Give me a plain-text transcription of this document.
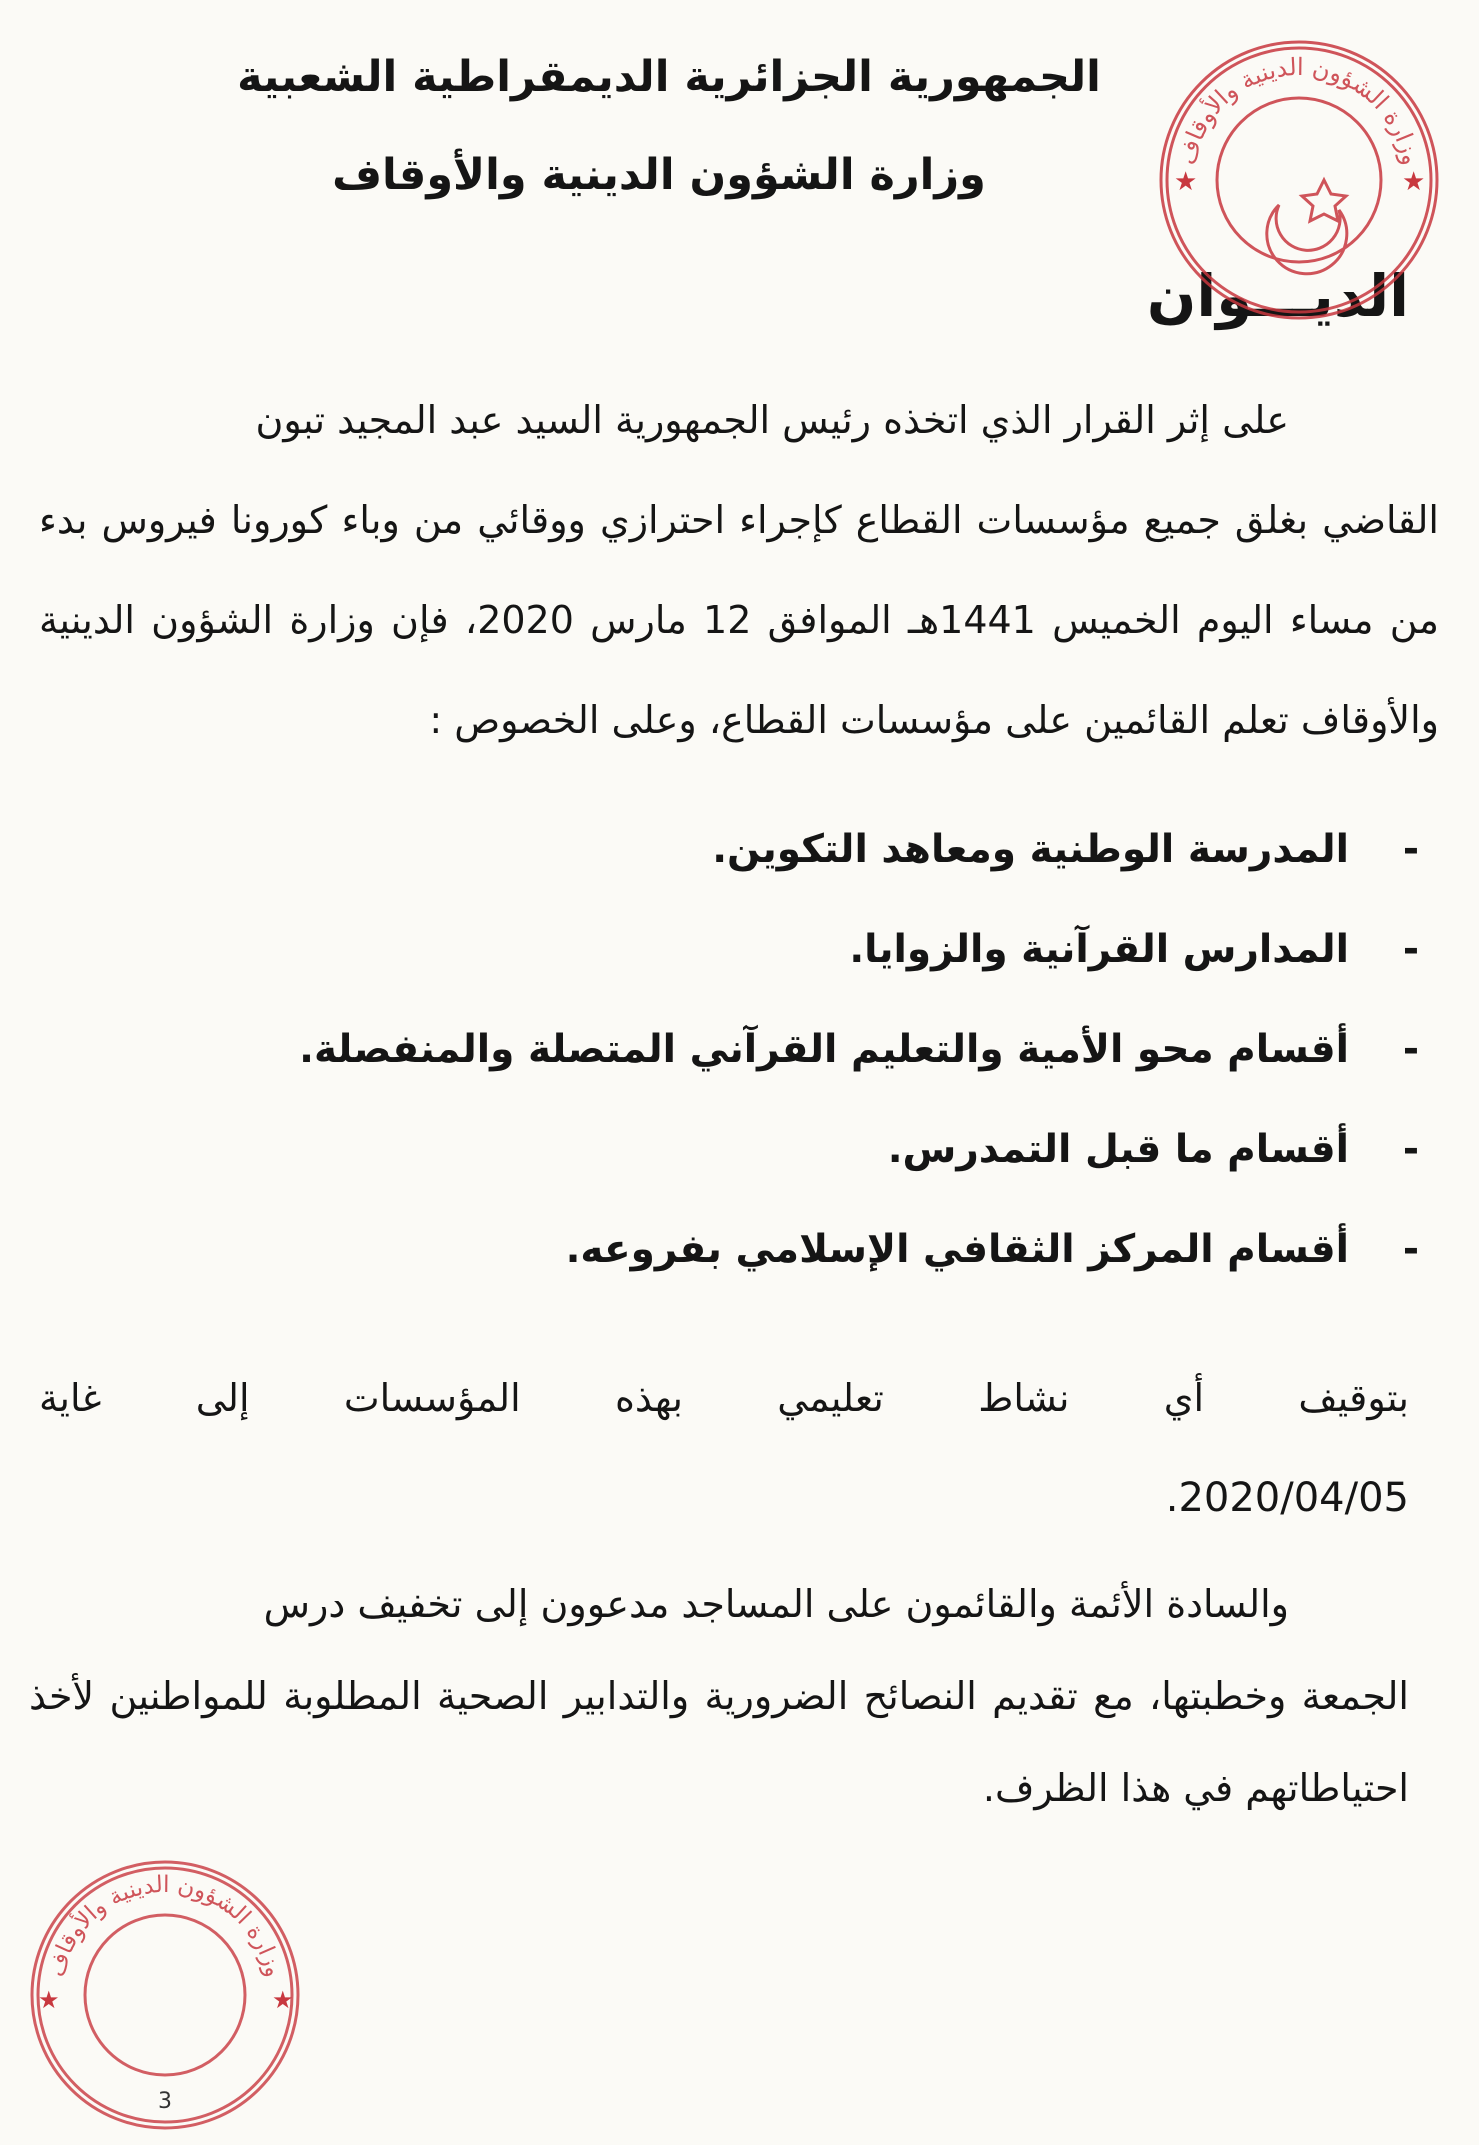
الجمهورية الجزائرية الديمقراطية الشعبية
وزارة الشؤون الدينية والأوقاف
الديـــوان
وزارة الشؤون الدينية والأوقاف
★	★
على إثر القرار الذي اتخذه رئيس الجمهورية السيد عبد المجيد تبون
القاضي بغلق جميع مؤسسات القطاع كإجراء احترازي ووقائي من وباء كورونا فيروس بدء من مساء اليوم الخميس 1441هـ الموافق 12 مارس 2020، فإن وزارة الشؤون الدينية والأوقاف تعلم القائمين على مؤسسات القطاع، وعلى الخصوص :
-
المدرسة الوطنية ومعاهد التكوين.
-
المدارس القرآنية والزوايا.
-
أقسام محو الأمية والتعليم القرآني المتصلة والمنفصلة.
-
أقسام ما قبل التمدرس.
-
أقسام المركز الثقافي الإسلامي بفروعه.
بتوقيف أي نشاط تعليمي بهذه المؤسسات إلى غاية
2020/04/05.
والسادة الأئمة والقائمون على المساجد مدعوون إلى تخفيف درس
الجمعة وخطبتها، مع تقديم النصائح الضرورية والتدابير الصحية المطلوبة للمواطنين لأخذ احتياطاتهم في هذا الظرف.
وزارة الشؤون الدينية والأوقاف
★	★
3
